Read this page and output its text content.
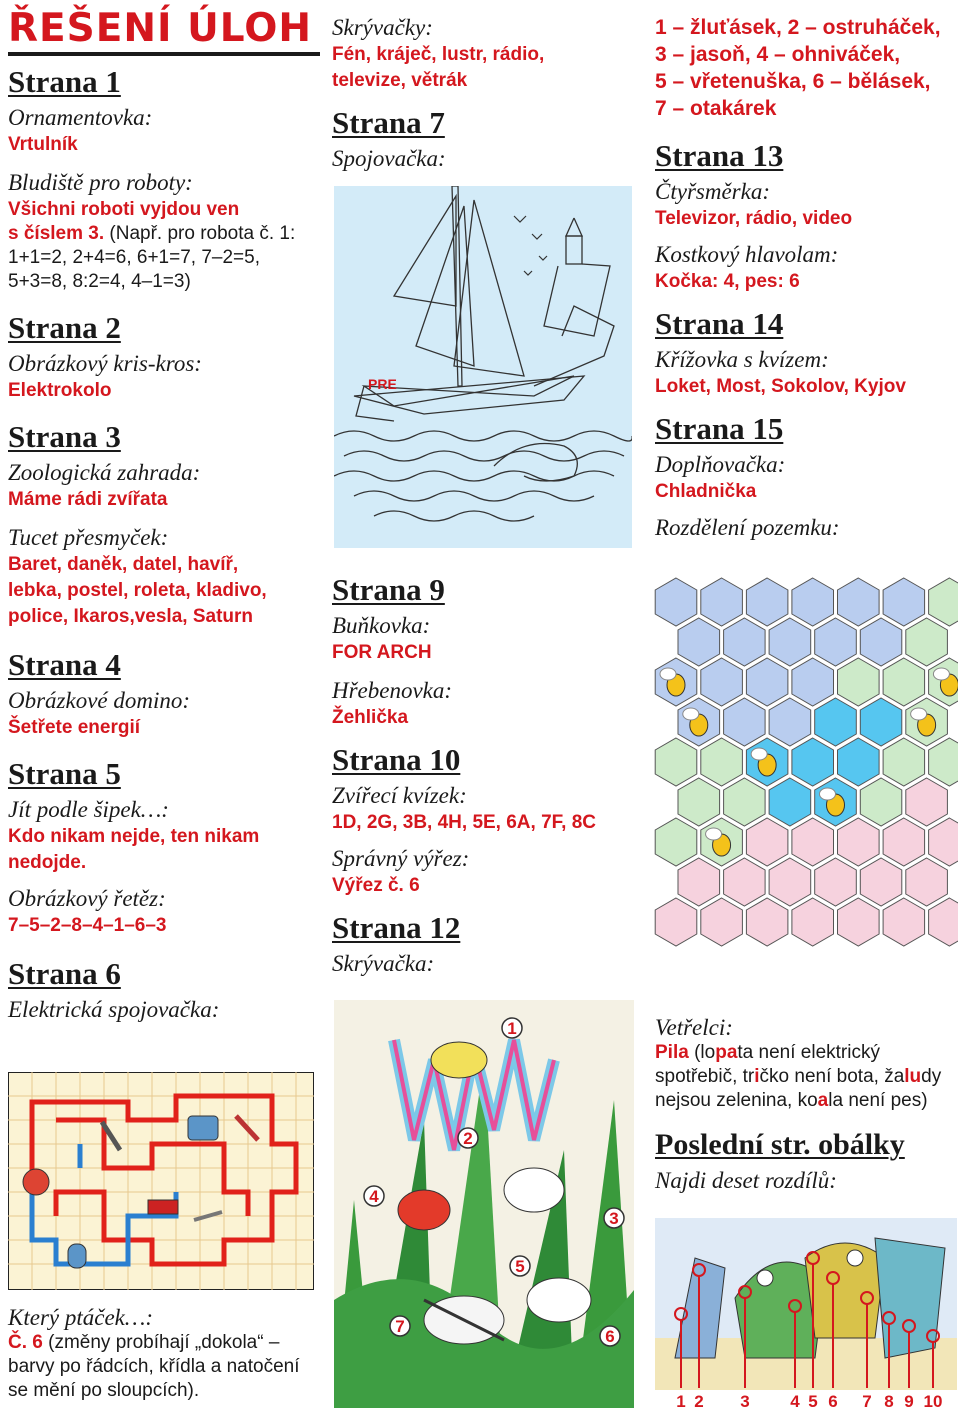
ŘEŠENÍ ÚLOH
Strana 1
Ornamentovka:
Vrtulník
Bludiště pro roboty:
Všichni roboti vyjdou ven
s číslem 3. (Např. pro robota č. 1:
1+1=2, 2+4=6, 6+1=7, 7–2=5,
5+3=8, 8:2=4, 4–1=3)
Strana 2
Obrázkový kris-kros:
Elektrokolo
Strana 3
Zoologická zahrada:
Máme rádi zvířata
Tucet přesmyček:
Baret, daněk, datel, havíř,
lebka, postel, roleta, kladivo,
police, Ikaros,vesla, Saturn
Strana 4
Obrázkové domino:
Šetřete energií
Strana 5
Jít podle šipek…:
Kdo nikam nejde, ten nikam
nedojde.
Obrázkový řetěz:
7–5–2–8–4–1–6–3
Strana 6
Elektrická spojovačka:
Který ptáček…:
Č. 6 (změny probíhají „dokola“ –
barvy po řádcích, křídla a natočení
se mění po sloupcích).
Skrývačky:
Fén, kráječ, lustr, rádio,
televize, větrák
Strana 7
Spojovačka:
PRE
Strana 9
Buňkovka:
FOR ARCH
Hřebenovka:
Žehlička
Strana 10
Zvířecí kvízek:
1D, 2G, 3B, 4H, 5E, 6A, 7F, 8C
Správný výřez:
Výřez č. 6
Strana 12
Skrývačka:
1
2
3
4
5
6
7
1 – žluťásek, 2 – ostruháček,
3 – jasoň, 4 – ohniváček,
5 – vřetenuška, 6 – bělásek,
7 – otakárek
Strana 13
Čtyřsměrka:
Televizor, rádio, video
Kostkový hlavolam:
Kočka: 4, pes: 6
Strana 14
Křížovka s kvízem:
Loket, Most, Sokolov, Kyjov
Strana 15
Doplňovačka:
Chladnička
Rozdělení pozemku:
Vetřelci:
Pila (lopata není elektrický
spotřebič, tričko není bota, žaludy
nejsou zelenina, koala není pes)
Poslední str. obálky
Najdi deset rozdílů:
1 2 3 4 5 6 7 8 9 10
